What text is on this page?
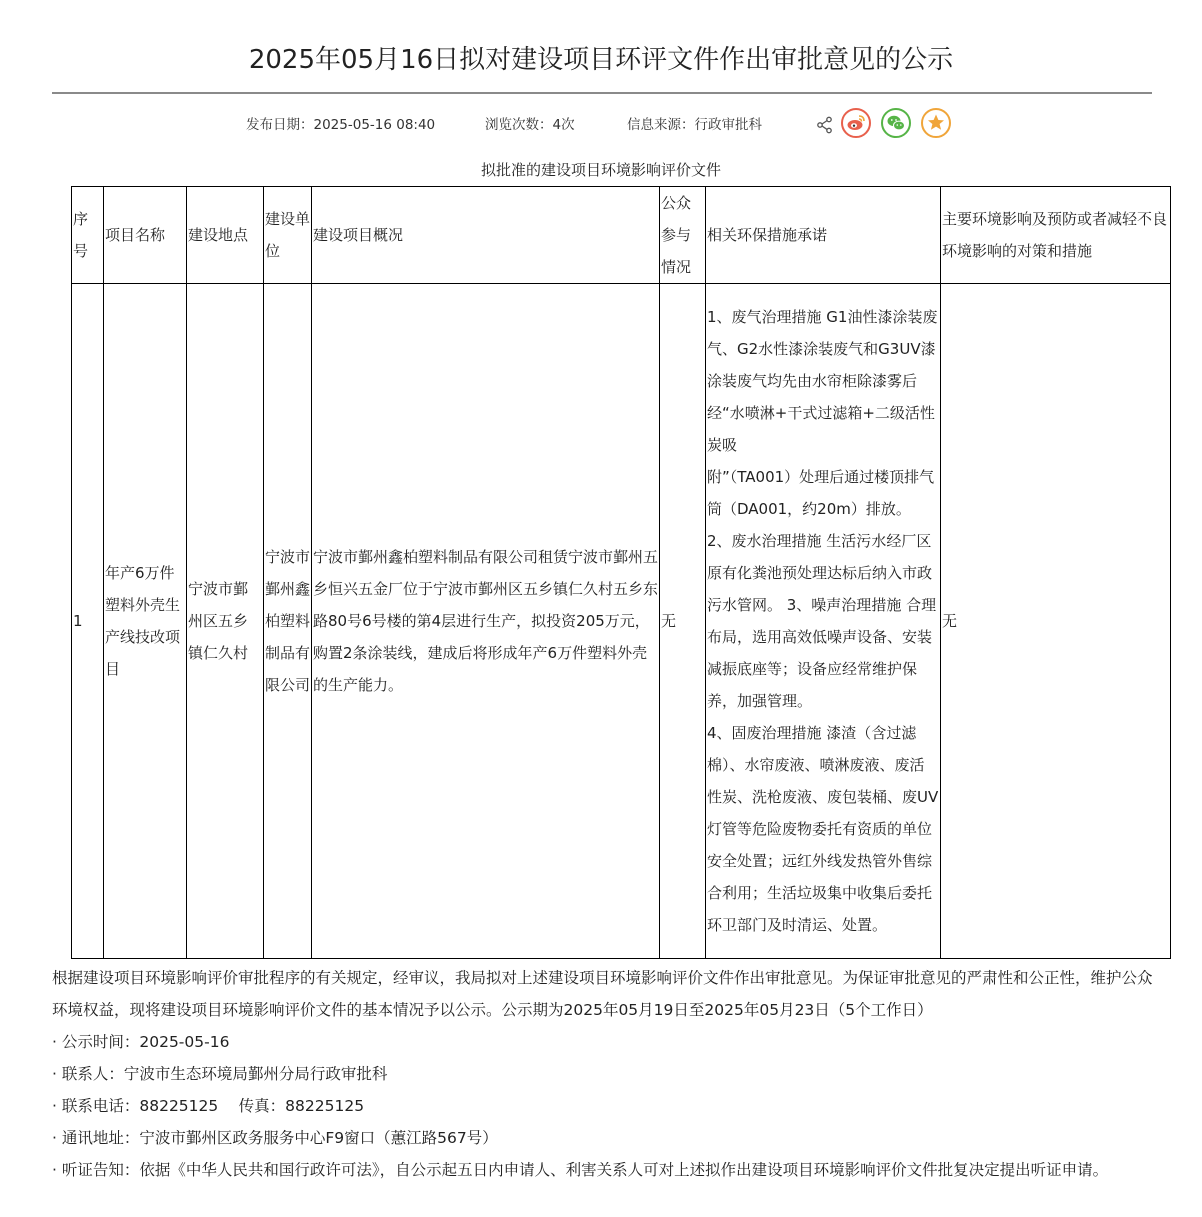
2025年05月16日拟对建设项目环评文件作出审批意见的公示
发布日期：2025-05-16 08:40	浏览次数：4次	信息来源：行政审批科
拟批准的建设项目环境影响评价文件
序号	项目名称	建设地点	建设单位	建设项目概况	公众参与情况	相关环保措施承诺	主要环境影响及预防或者减轻不良环境影响的对策和措施
1	年产6万件塑料外壳生产线技改项目	宁波市鄞州区五乡镇仁久村	宁波市鄞州鑫柏塑料制品有限公司	宁波市鄞州鑫柏塑料制品有限公司租赁宁波市鄞州五乡恒兴五金厂位于宁波市鄞州区五乡镇仁久村五乡东路80号6号楼的第4层进行生产，拟投资205万元，购置2条涂装线，建成后将形成年产6万件塑料外壳的生产能力。	无	1、废气治理措施 G1油性漆涂装废气、G2水性漆涂装废气和G3UV漆涂装废气均先由水帘柜除漆雾后经“水喷淋+干式过滤箱+二级活性炭吸
附”（TA001）处理后通过楼顶排气筒（DA001，约20m）排放。 2、废水治理措施 生活污水经厂区原有化粪池预处理达标后纳入市政污水管网。 3、噪声治理措施 合理布局，选用高效低噪声设备、安装减振底座等；设备应经常维护保养，加强管理。
4、固废治理措施 漆渣（含过滤棉）、水帘废液、喷淋废液、废活性炭、洗枪废液、废包装桶、废UV灯管等危险废物委托有资质的单位安全处置；远红外线发热管外售综合利用；生活垃圾集中收集后委托环卫部门及时清运、处置。	无

根据建设项目环境影响评价审批程序的有关规定，经审议，我局拟对上述建设项目环境影响评价文件作出审批意见。为保证审批意见的严肃性和公正性，维护公众环境权益，现将建设项目环境影响评价文件的基本情况予以公示。公示期为2025年05月19日至2025年05月23日（5个工作日）

· 公示时间：2025-05-16

· 联系人：宁波市生态环境局鄞州分局行政审批科

· 联系电话：88225125　 传真：88225125

· 通讯地址：宁波市鄞州区政务服务中心F9窗口（蕙江路567号）

· 听证告知：依据《中华人民共和国行政许可法》，自公示起五日内申请人、利害关系人可对上述拟作出建设项目环境影响评价文件批复决定提出听证申请。
